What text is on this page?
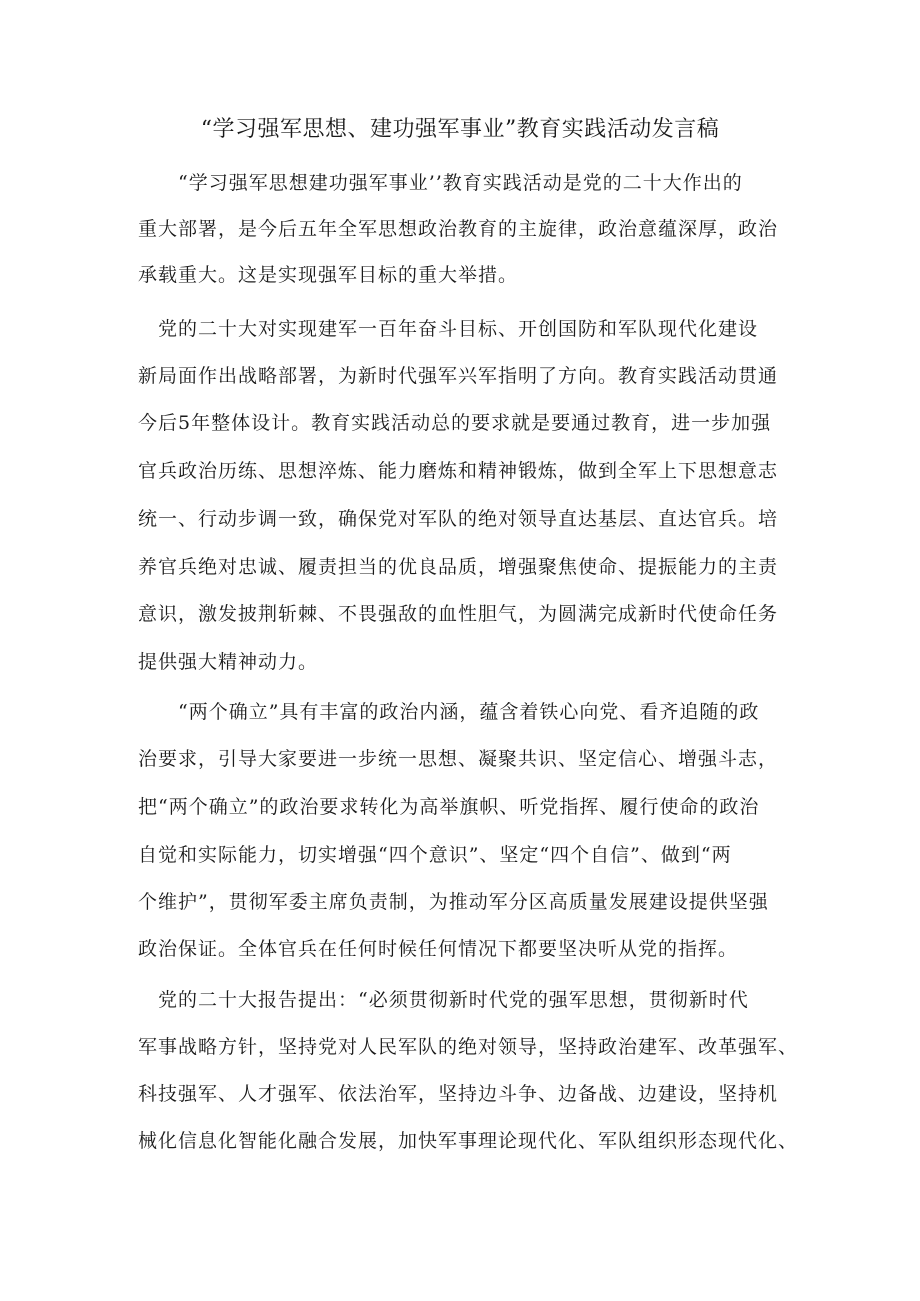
“学习强军思想、建功强军事业”教育实践活动发言稿
　　“学习强军思想建功强军事业’’教育实践活动是党的二十大作出的
重大部署，是今后五年全军思想政治教育的主旋律，政治意蕴深厚，政治
承载重大。这是实现强军目标的重大举措。
　党的二十大对实现建军一百年奋斗目标、开创国防和军队现代化建设
新局面作出战略部署，为新时代强军兴军指明了方向。教育实践活动贯通
今后5年整体设计。教育实践活动总的要求就是要通过教育，进一步加强
官兵政治历练、思想淬炼、能力磨炼和精神锻炼，做到全军上下思想意志
统一、行动步调一致，确保党对军队的绝对领导直达基层、直达官兵。培
养官兵绝对忠诚、履责担当的优良品质，增强聚焦使命、提振能力的主责
意识，激发披荆斩棘、不畏强敌的血性胆气，为圆满完成新时代使命任务
提供强大精神动力。
　　“两个确立”具有丰富的政治内涵，蕴含着铁心向党、看齐追随的政
治要求，引导大家要进一步统一思想、凝聚共识、坚定信心、增强斗志，
把“两个确立”的政治要求转化为高举旗帜、听党指挥、履行使命的政治
自觉和实际能力，切实增强“四个意识”、坚定“四个自信”、做到“两
个维护”，贯彻军委主席负责制，为推动军分区高质量发展建设提供坚强
政治保证。全体官兵在任何时候任何情况下都要坚决听从党的指挥。
　党的二十大报告提出：“必须贯彻新时代党的强军思想，贯彻新时代
军事战略方针，坚持党对人民军队的绝对领导，坚持政治建军、改革强军、
科技强军、人才强军、依法治军，坚持边斗争、边备战、边建设，坚持机
械化信息化智能化融合发展，加快军事理论现代化、军队组织形态现代化、
